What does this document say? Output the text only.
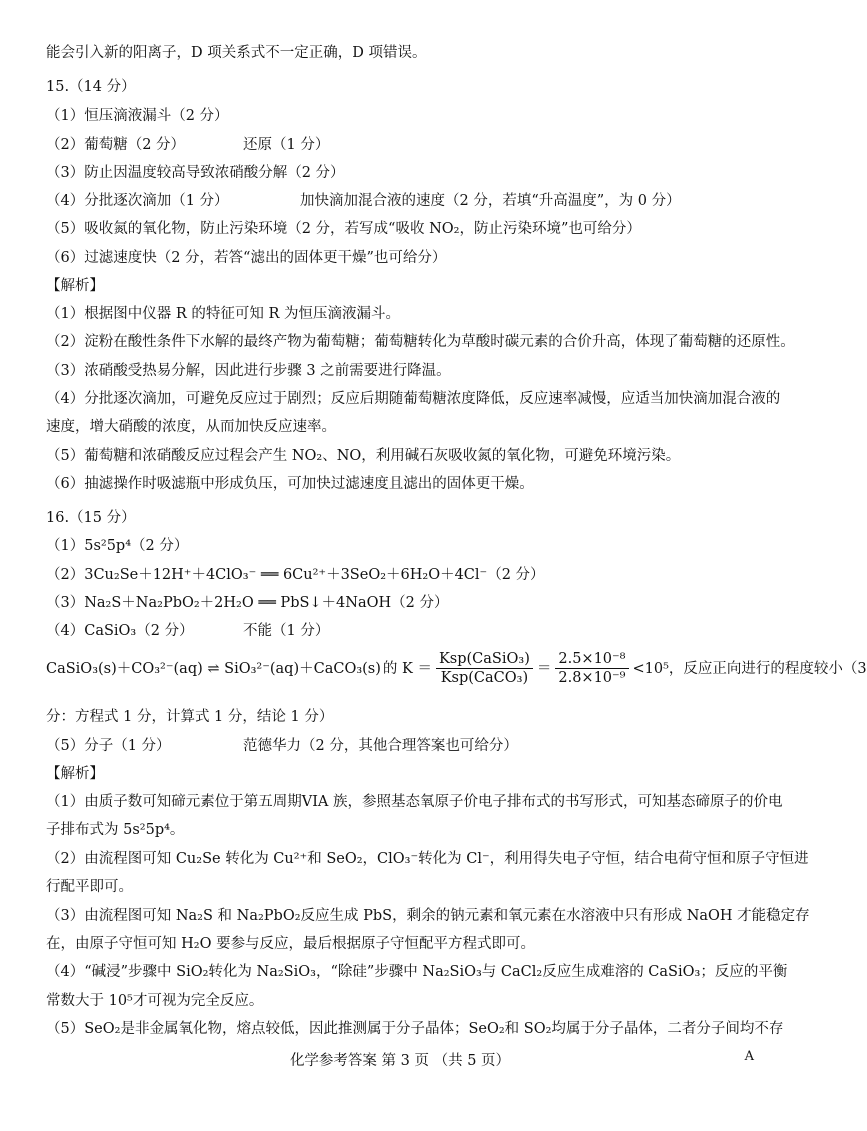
能会引入新的阳离子，D 项关系式不一定正确，D 项错误。
15.（14 分）
（1）恒压滴液漏斗（2 分）
（2）葡萄糖（2 分）	还原（1 分）
（3）防止因温度较高导致浓硝酸分解（2 分）
（4）分批逐次滴加（1 分）	加快滴加混合液的速度（2 分，若填“升高温度”，为 0 分）
（5）吸收氮的氧化物，防止污染环境（2 分，若写成“吸收 NO₂，防止污染环境”也可给分）
（6）过滤速度快（2 分，若答“滤出的固体更干燥”也可给分）
【解析】
（1）根据图中仪器 R 的特征可知 R 为恒压滴液漏斗。
（2）淀粉在酸性条件下水解的最终产物为葡萄糖；葡萄糖转化为草酸时碳元素的合价升高，体现了葡萄糖的还原性。
（3）浓硝酸受热易分解，因此进行步骤 3 之前需要进行降温。
（4）分批逐次滴加，可避免反应过于剧烈；反应后期随葡萄糖浓度降低，反应速率减慢，应适当加快滴加混合液的
速度，增大硝酸的浓度，从而加快反应速率。
（5）葡萄糖和浓硝酸反应过程会产生 NO₂、NO，利用碱石灰吸收氮的氧化物，可避免环境污染。
（6）抽滤操作时吸滤瓶中形成负压，可加快过滤速度且滤出的固体更干燥。
16.（15 分）
（1）5s²5p⁴（2 分）
（2）3Cu₂Se＋12H⁺＋4ClO₃⁻ ══ 6Cu²⁺＋3SeO₂＋6H₂O＋4Cl⁻（2 分）
（3）Na₂S＋Na₂PbO₂＋2H₂O ══ PbS↓＋4NaOH（2 分）
（4）CaSiO₃（2 分）	不能（1 分）
CaSiO₃(s)＋CO₃²⁻(aq) ⇌ SiO₃²⁻(aq)＋CaCO₃(s) 的 $K = \frac{\text{Ksp(CaSiO₃)}}{\text{Ksp(CaCO₃)}} = \frac{\text{2.5×10⁻⁸}}{\text{2.8×10⁻⁹}} <10^5$，反应正向进行的程度较小（3
分：方程式 1 分，计算式 1 分，结论 1 分）
（5）分子（1 分）	范德华力（2 分，其他合理答案也可给分）
【解析】
（1）由质子数可知碲元素位于第五周期VIA 族，参照基态氧原子价电子排布式的书写形式，可知基态碲原子的价电
子排布式为 5s²5p⁴。
（2）由流程图可知 Cu₂Se 转化为 Cu²⁺和 SeO₂，ClO₃⁻转化为 Cl⁻，利用得失电子守恒，结合电荷守恒和原子守恒进
行配平即可。
（3）由流程图可知 Na₂S 和 Na₂PbO₂反应生成 PbS，剩余的钠元素和氧元素在水溶液中只有形成 NaOH 才能稳定存
在，由原子守恒可知 H₂O 要参与反应，最后根据原子守恒配平方程式即可。
（4）“碱浸”步骤中 SiO₂转化为 Na₂SiO₃，“除硅”步骤中 Na₂SiO₃与 CaCl₂反应生成难溶的 CaSiO₃；反应的平衡
常数大于 10⁵才可视为完全反应。
（5）SeO₂是非金属氧化物，熔点较低，因此推测属于分子晶体；SeO₂和 SO₂均属于分子晶体，二者分子间均不存
化学参考答案 第 3 页 （共 5 页）	A
